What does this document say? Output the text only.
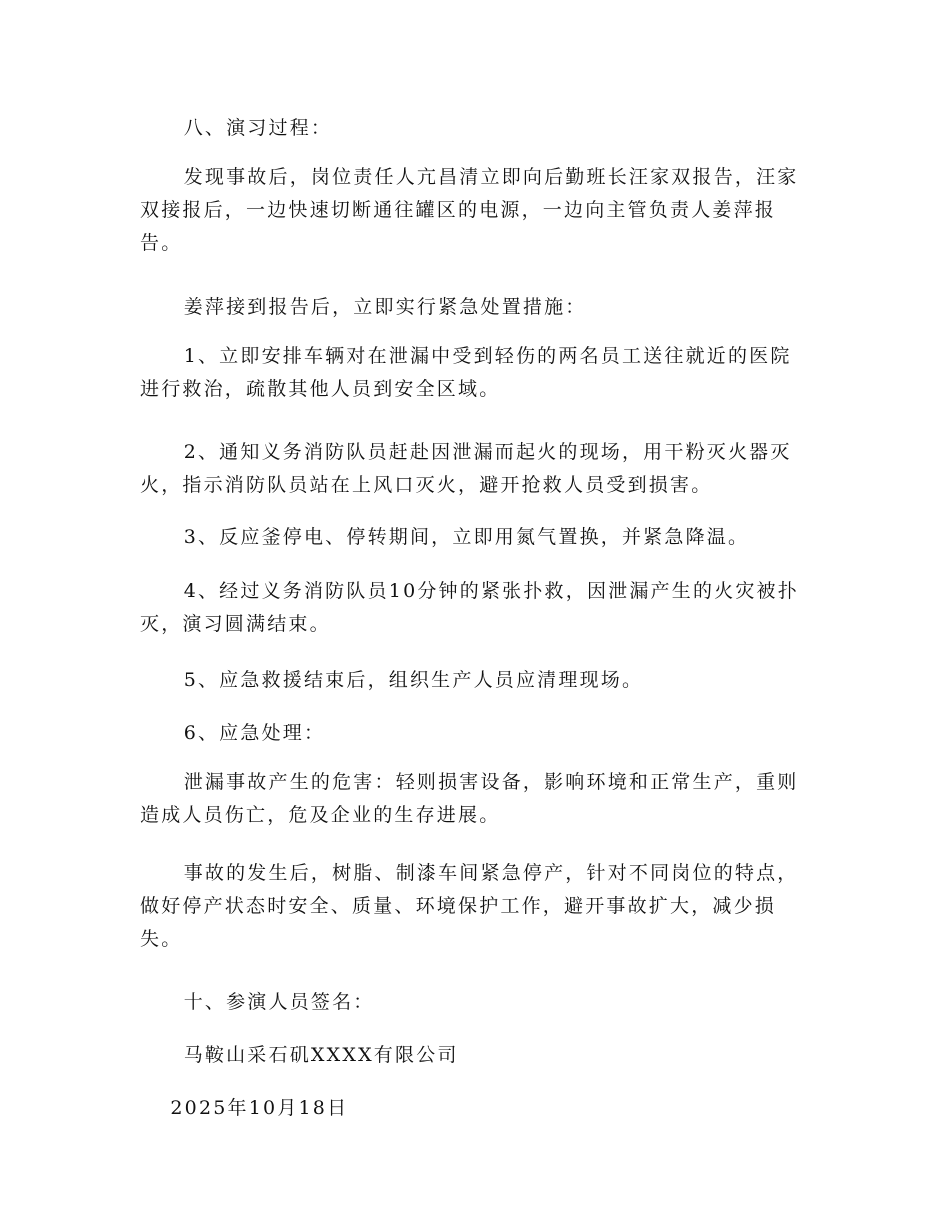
八、演习过程：

发现事故后，岗位责任人亢昌清立即向后勤班长汪家双报告，汪家双接报后，一边快速切断通往罐区的电源，一边向主管负责人姜萍报告。

姜萍接到报告后，立即实行紧急处置措施：

1、立即安排车辆对在泄漏中受到轻伤的两名员工送往就近的医院进行救治，疏散其他人员到安全区域。

2、通知义务消防队员赶赴因泄漏而起火的现场，用干粉灭火器灭火，指示消防队员站在上风口灭火，避开抢救人员受到损害。

3、反应釜停电、停转期间，立即用氮气置换，并紧急降温。

4、经过义务消防队员10分钟的紧张扑救，因泄漏产生的火灾被扑灭，演习圆满结束。

5、应急救援结束后，组织生产人员应清理现场。

6、应急处理：

泄漏事故产生的危害：轻则损害设备，影响环境和正常生产，重则造成人员伤亡，危及企业的生存进展。

事故的发生后，树脂、制漆车间紧急停产，针对不同岗位的特点，做好停产状态时安全、质量、环境保护工作，避开事故扩大，减少损失。

十、参演人员签名：

马鞍山采石矶XXXX有限公司

2025年10月18日
